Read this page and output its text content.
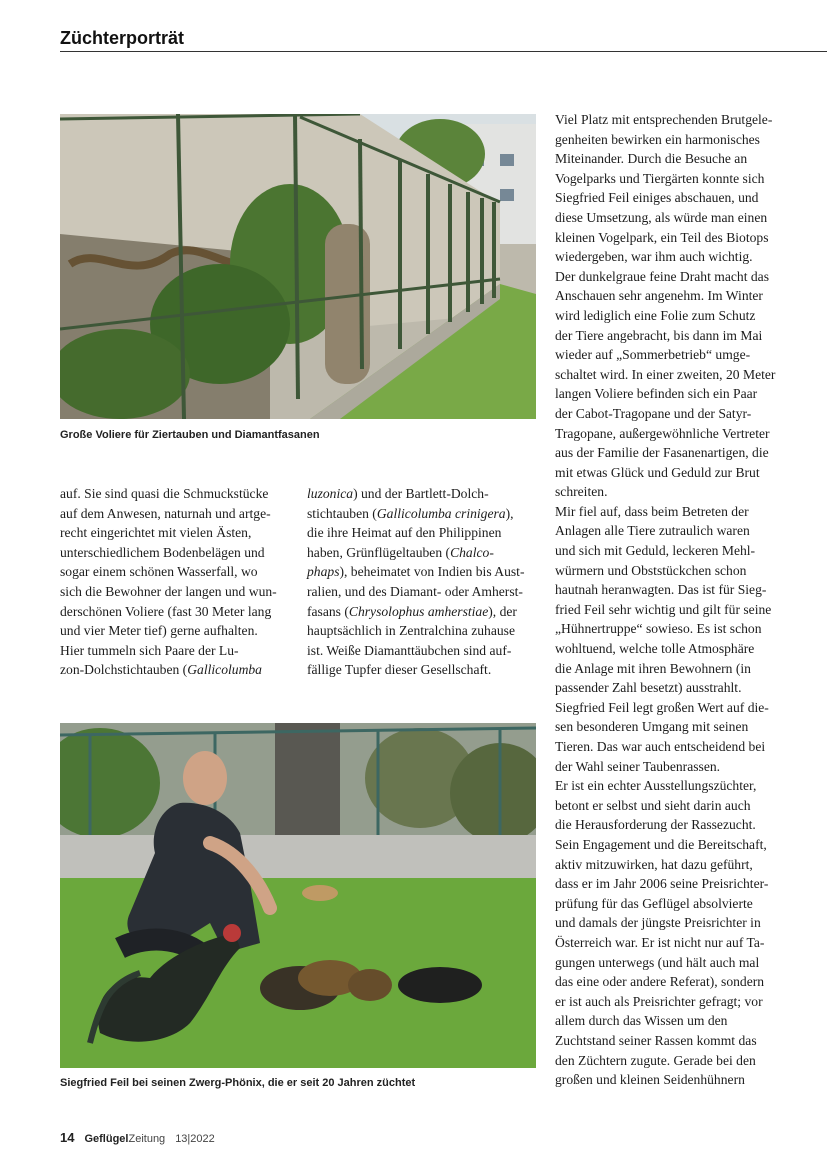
Züchterporträt
Große Voliere für Ziertauben und Diamantfasanen
auf. Sie sind quasi die Schmuckstücke
auf dem Anwesen, naturnah und artge-
recht eingerichtet mit vielen Ästen,
unterschiedlichem Bodenbelägen und
sogar einem schönen Wasserfall, wo
sich die Bewohner der langen und wun-
derschönen Voliere (fast 30 Meter lang
und vier Meter tief) gerne aufhalten.
Hier tummeln sich Paare der Lu-
zon-Dolchstichtauben (Gallicolumba
luzonica) und der Bartlett-Dolch-
stichtauben (Gallicolumba crinigera),
die ihre Heimat auf den Philippinen
haben, Grünflügeltauben (Chalco-
phaps), beheimatet von Indien bis Aust-
ralien, und des Diamant- oder Amherst-
fasans (Chrysolophus amherstiae), der
hauptsächlich in Zentralchina zuhause
ist. Weiße Diamanttäubchen sind auf-
fällige Tupfer dieser Gesellschaft.
Viel Platz mit entsprechenden Brutgele-
genheiten bewirken ein harmonisches
Miteinander. Durch die Besuche an
Vogelparks und Tiergärten konnte sich
Siegfried Feil einiges abschauen, und
diese Umsetzung, als würde man einen
kleinen Vogelpark, ein Teil des Biotops
wiedergeben, war ihm auch wichtig.
Der dunkelgraue feine Draht macht das
Anschauen sehr angenehm. Im Winter
wird lediglich eine Folie zum Schutz
der Tiere angebracht, bis dann im Mai
wieder auf „Sommerbetrieb“ umge-
schaltet wird. In einer zweiten, 20 Meter
langen Voliere befinden sich ein Paar
der Cabot-Tragopane und der Satyr-
Tragopane, außergewöhnliche Vertreter
aus der Familie der Fasanenartigen, die
mit etwas Glück und Geduld zur Brut
schreiten.
Mir fiel auf, dass beim Betreten der
Anlagen alle Tiere zutraulich waren
und sich mit Geduld, leckeren Mehl-
würmern und Obststückchen schon
hautnah heranwagten. Das ist für Sieg-
fried Feil sehr wichtig und gilt für seine
„Hühnertruppe“ sowieso. Es ist schon
wohltuend, welche tolle Atmosphäre
die Anlage mit ihren Bewohnern (in
passender Zahl besetzt) ausstrahlt.
Siegfried Feil legt großen Wert auf die-
sen besonderen Umgang mit seinen
Tieren. Das war auch entscheidend bei
der Wahl seiner Taubenrassen.
Er ist ein echter Ausstellungszüchter,
betont er selbst und sieht darin auch
die Herausforderung der Rassezucht.
Sein Engagement und die Bereitschaft,
aktiv mitzuwirken, hat dazu geführt,
dass er im Jahr 2006 seine Preisrichter-
prüfung für das Geflügel absolvierte
und damals der jüngste Preisrichter in
Österreich war. Er ist nicht nur auf Ta-
gungen unterwegs (und hält auch mal
das eine oder andere Referat), sondern
er ist auch als Preisrichter gefragt; vor
allem durch das Wissen um den
Zuchtstand seiner Rassen kommt das
den Züchtern zugute. Gerade bei den
großen und kleinen Seidenhühnern
Siegfried Feil bei seinen Zwerg-Phönix, die er seit 20 Jahren züchtet
14 GeflügelZeitung 13|2022
